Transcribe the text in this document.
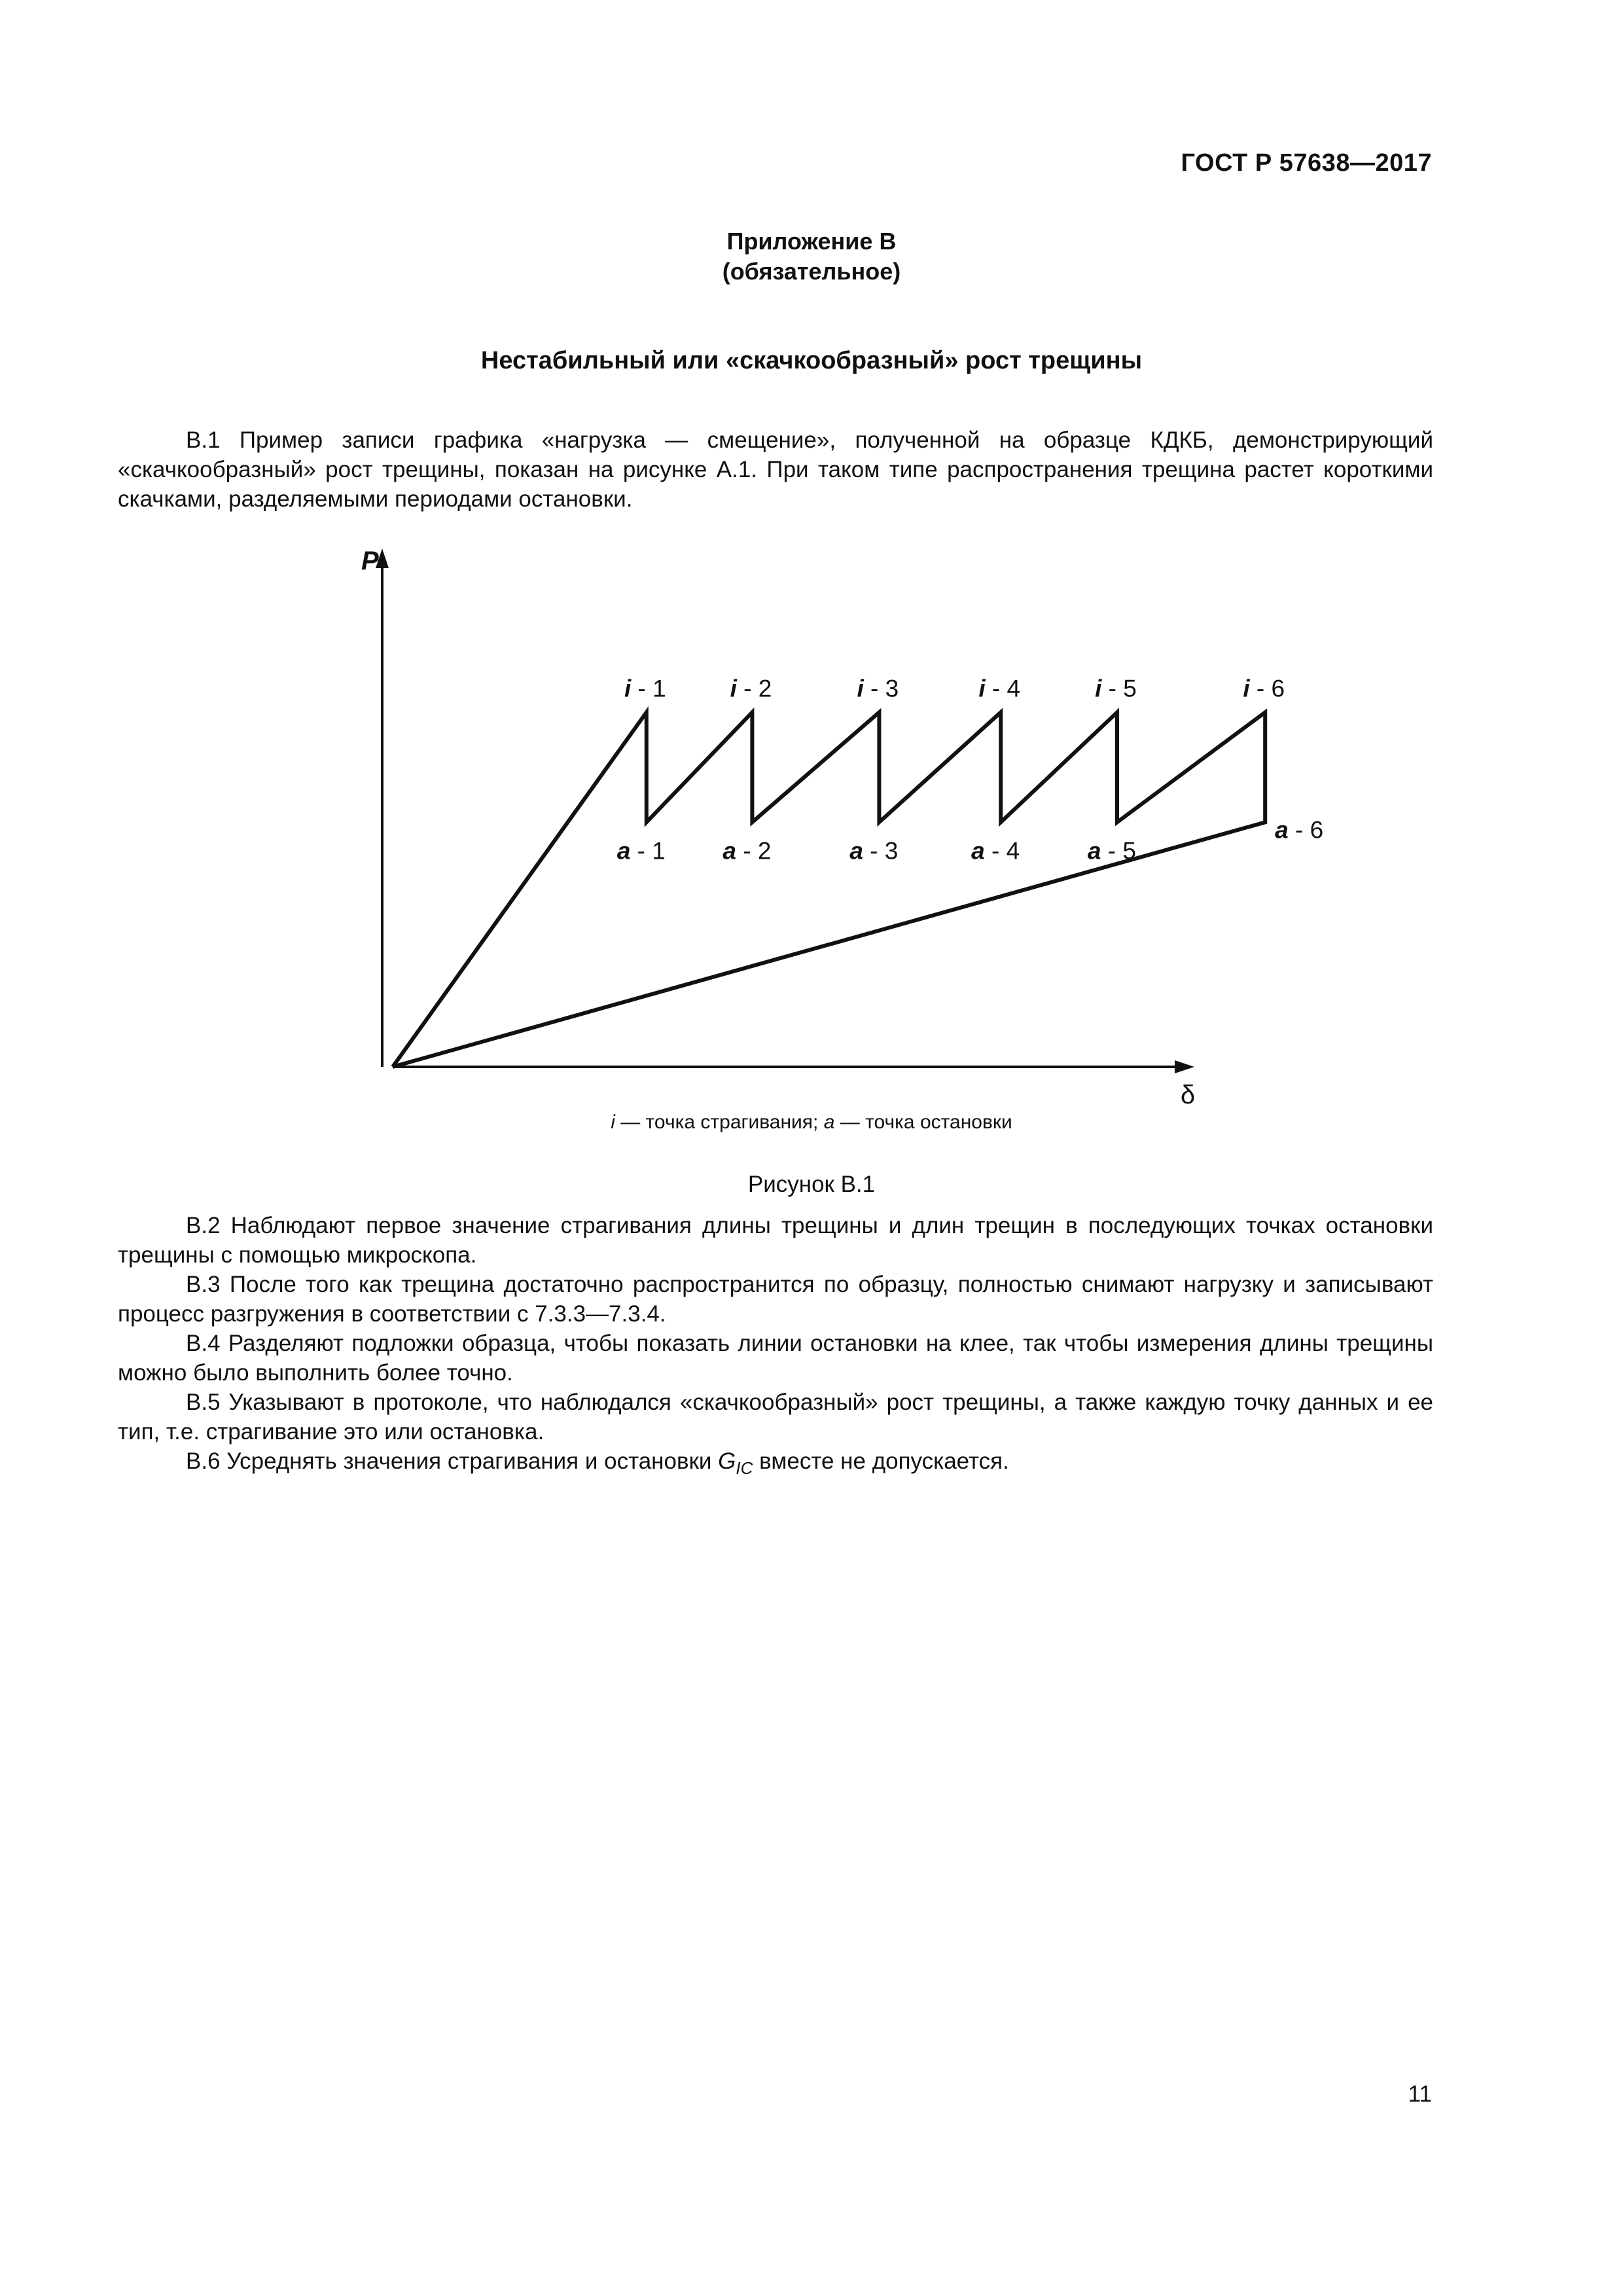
ГОСТ Р 57638—2017
Приложение В
(обязательное)
Нестабильный или «скачкообразный» рост трещины

В.1 Пример записи графика «нагрузка — смещение», полученной на образце КДКБ, демонстрирующий «скачкообразный» рост трещины, показан на рисунке А.1. При таком типе распространения трещина растет короткими скачками, разделяемыми периодами остановки.

δ
P
i - 1	i - 2	i - 3	i - 4	i - 5	i - 6
a - 1 a - 2	a - 3	a - 4	a - 5
a - 6
i — точка страгивания; a — точка остановки
Рисунок В.1

В.2 Наблюдают первое значение страгивания длины трещины и длин трещин в последующих точках остановки трещины с помощью микроскопа.

В.3 После того как трещина достаточно распространится по образцу, полностью снимают нагрузку и записывают процесс разгружения в соответствии с 7.3.3—7.3.4.

В.4 Разделяют подложки образца, чтобы показать линии остановки на клее, так чтобы измерения длины трещины можно было выполнить более точно.

В.5 Указывают в протоколе, что наблюдался «скачкообразный» рост трещины, а также каждую точку данных и ее тип, т.е. страгивание это или остановка.

В.6 Усреднять значения страгивания и остановки $G_{IC}$ вместе не допускается.

11
